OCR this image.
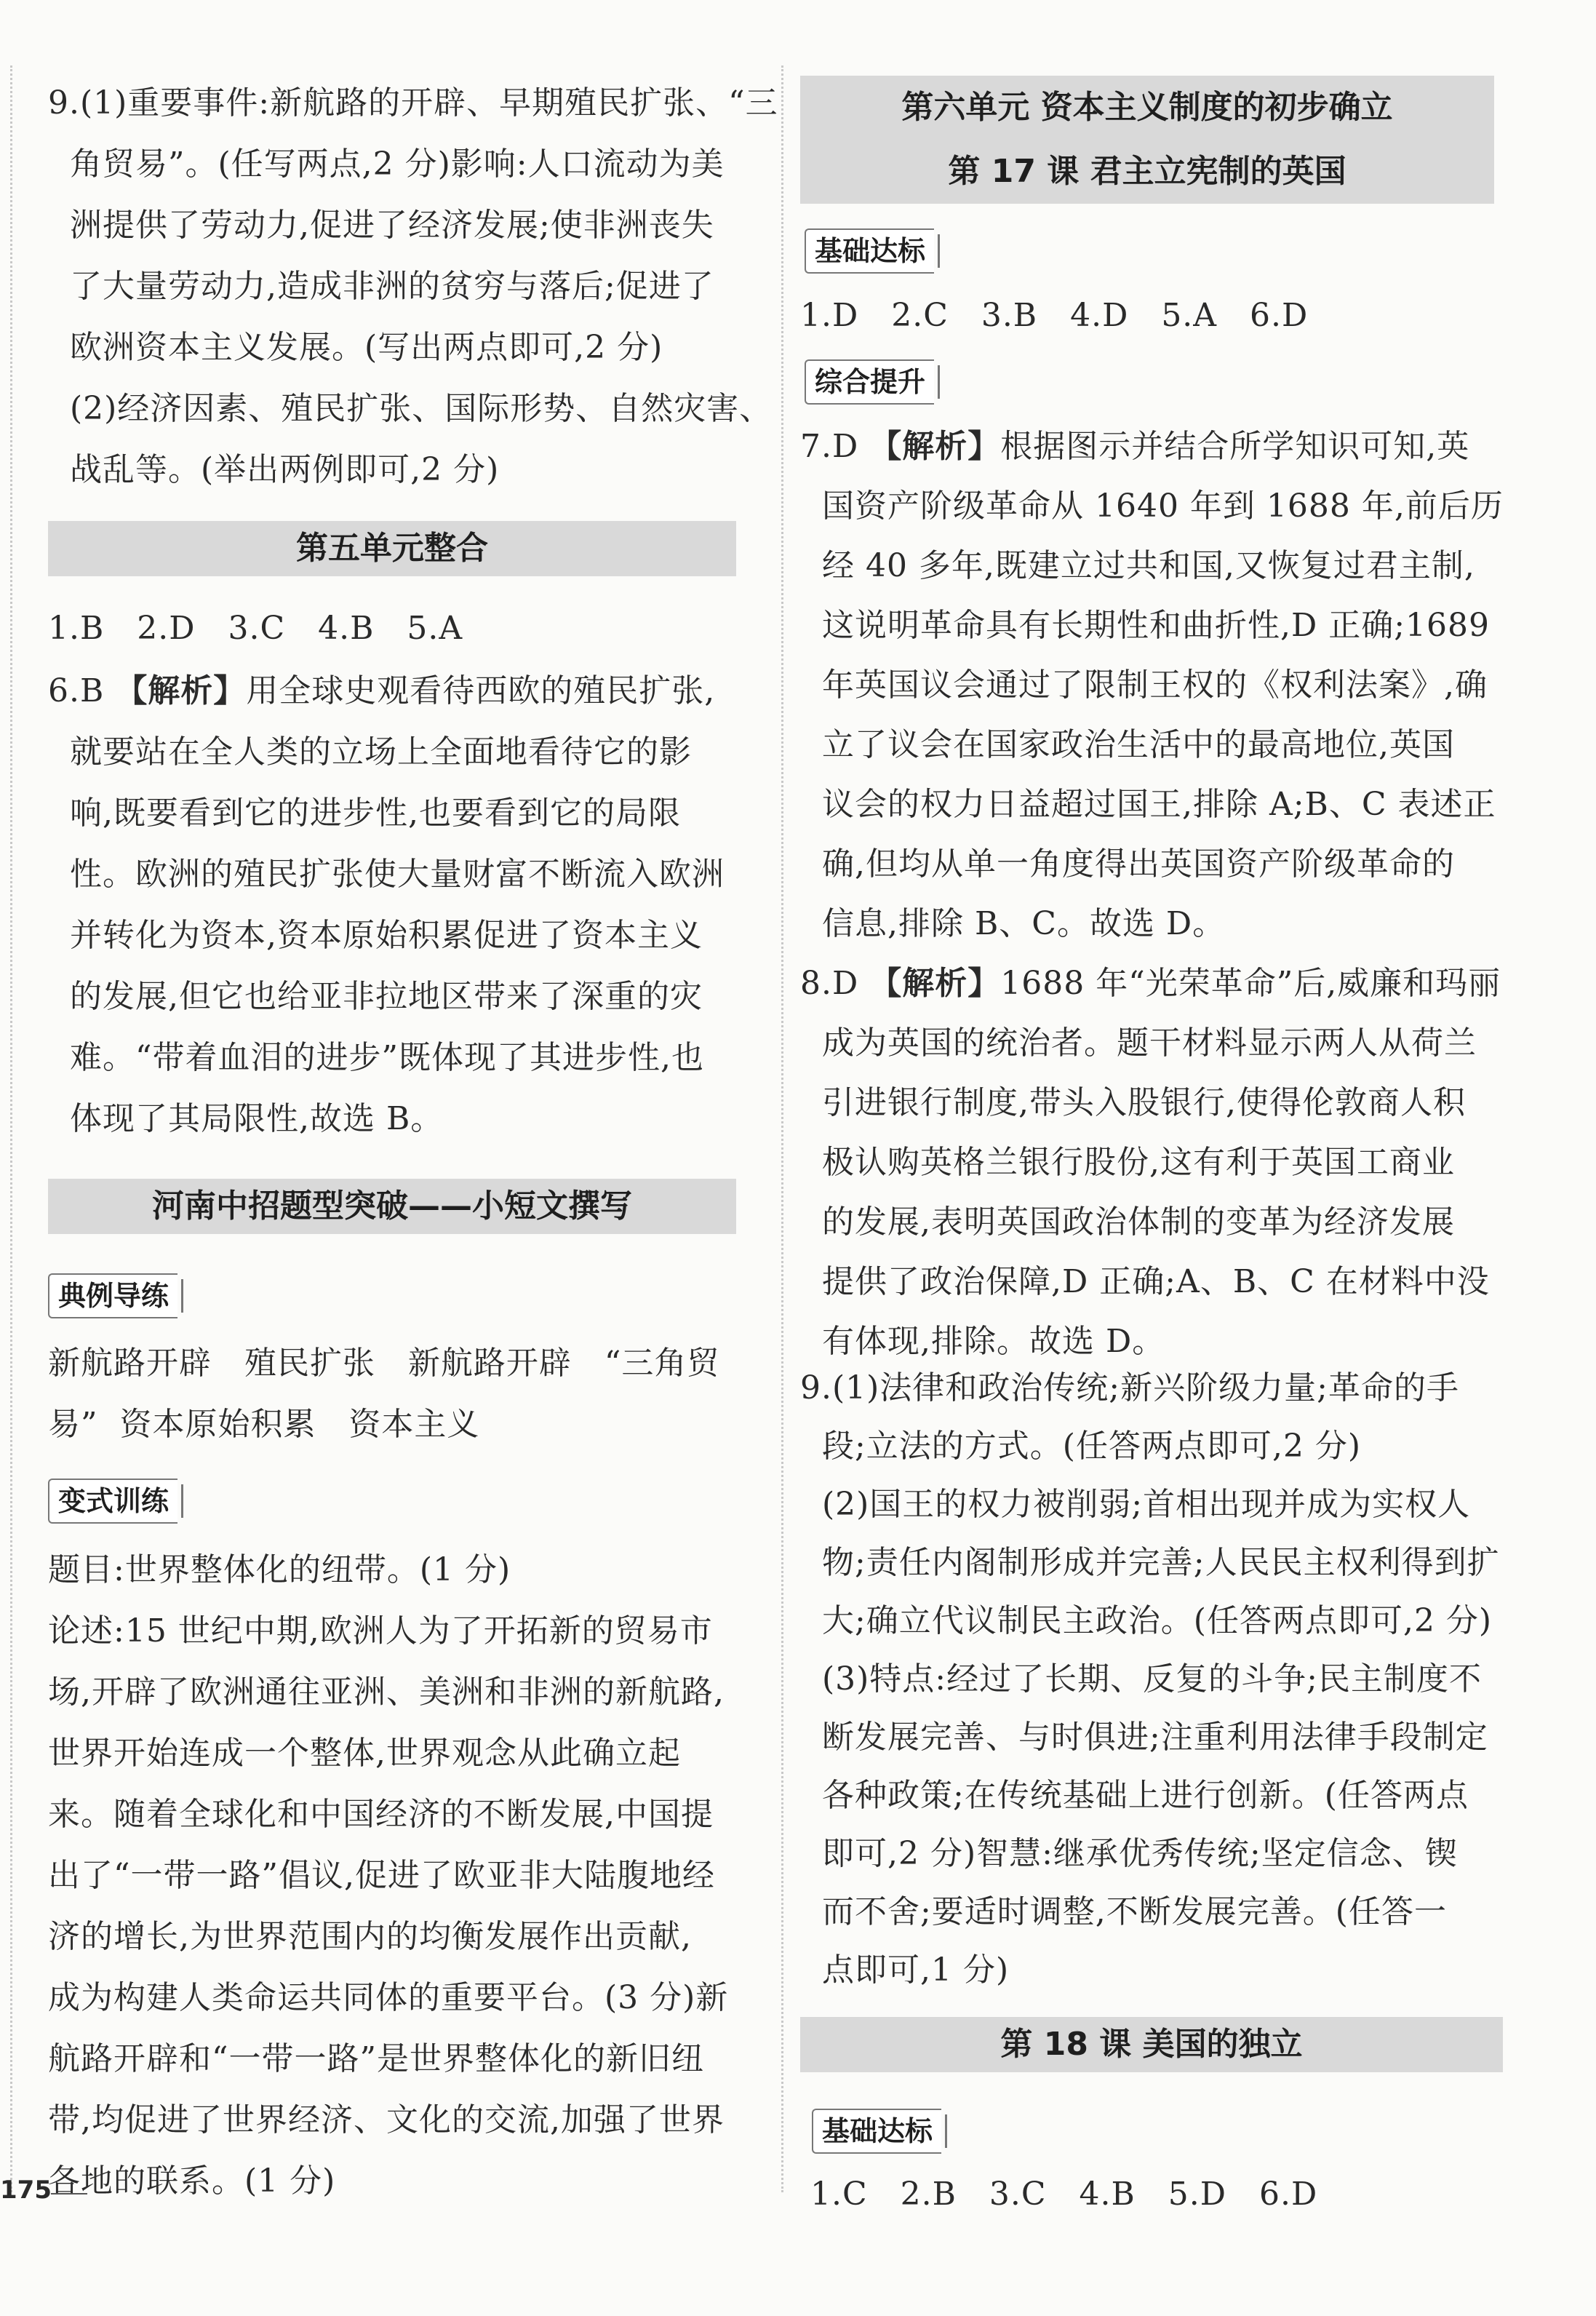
9.(1)重要事件:新航路的开辟、早期殖民扩张、“三
角贸易”。(任写两点,2 分)影响:人口流动为美
洲提供了劳动力,促进了经济发展;使非洲丧失
了大量劳动力,造成非洲的贫穷与落后;促进了
欧洲资本主义发展。(写出两点即可,2 分)
(2)经济因素、殖民扩张、国际形势、自然灾害、
战乱等。(举出两例即可,2 分)
第五单元整合
1.B   2.D   3.C   4.B   5.A
6.B 【解析】用全球史观看待西欧的殖民扩张,
就要站在全人类的立场上全面地看待它的影
响,既要看到它的进步性,也要看到它的局限
性。欧洲的殖民扩张使大量财富不断流入欧洲
并转化为资本,资本原始积累促进了资本主义
的发展,但它也给亚非拉地区带来了深重的灾
难。“带着血泪的进步”既体现了其进步性,也
体现了其局限性,故选 B。
河南中招题型突破——小短文撰写
典例导练
新航路开辟   殖民扩张   新航路开辟   “三角贸
易”  资本原始积累   资本主义
变式训练
题目:世界整体化的纽带。(1 分)
论述:15 世纪中期,欧洲人为了开拓新的贸易市
场,开辟了欧洲通往亚洲、美洲和非洲的新航路,
世界开始连成一个整体,世界观念从此确立起
来。随着全球化和中国经济的不断发展,中国提
出了“一带一路”倡议,促进了欧亚非大陆腹地经
济的增长,为世界范围内的均衡发展作出贡献,
成为构建人类命运共同体的重要平台。(3 分)新
航路开辟和“一带一路”是世界整体化的新旧纽
带,均促进了世界经济、文化的交流,加强了世界
各地的联系。(1 分)
175
第六单元 资本主义制度的初步确立
第 17 课 君主立宪制的英国
基础达标
1.D   2.C   3.B   4.D   5.A   6.D
综合提升
7.D 【解析】根据图示并结合所学知识可知,英
国资产阶级革命从 1640 年到 1688 年,前后历
经 40 多年,既建立过共和国,又恢复过君主制,
这说明革命具有长期性和曲折性,D 正确;1689
年英国议会通过了限制王权的《权利法案》,确
立了议会在国家政治生活中的最高地位,英国
议会的权力日益超过国王,排除 A;B、C 表述正
确,但均从单一角度得出英国资产阶级革命的
信息,排除 B、C。故选 D。
8.D 【解析】1688 年“光荣革命”后,威廉和玛丽
成为英国的统治者。题干材料显示两人从荷兰
引进银行制度,带头入股银行,使得伦敦商人积
极认购英格兰银行股份,这有利于英国工商业
的发展,表明英国政治体制的变革为经济发展
提供了政治保障,D 正确;A、B、C 在材料中没
有体现,排除。故选 D。
9.(1)法律和政治传统;新兴阶级力量;革命的手
段;立法的方式。(任答两点即可,2 分)
(2)国王的权力被削弱;首相出现并成为实权人
物;责任内阁制形成并完善;人民民主权利得到扩
大;确立代议制民主政治。(任答两点即可,2 分)
(3)特点:经过了长期、反复的斗争;民主制度不
断发展完善、与时俱进;注重利用法律手段制定
各种政策;在传统基础上进行创新。(任答两点
即可,2 分)智慧:继承优秀传统;坚定信念、锲
而不舍;要适时调整,不断发展完善。(任答一
点即可,1 分)
第 18 课 美国的独立
基础达标
1.C   2.B   3.C   4.B   5.D   6.D
